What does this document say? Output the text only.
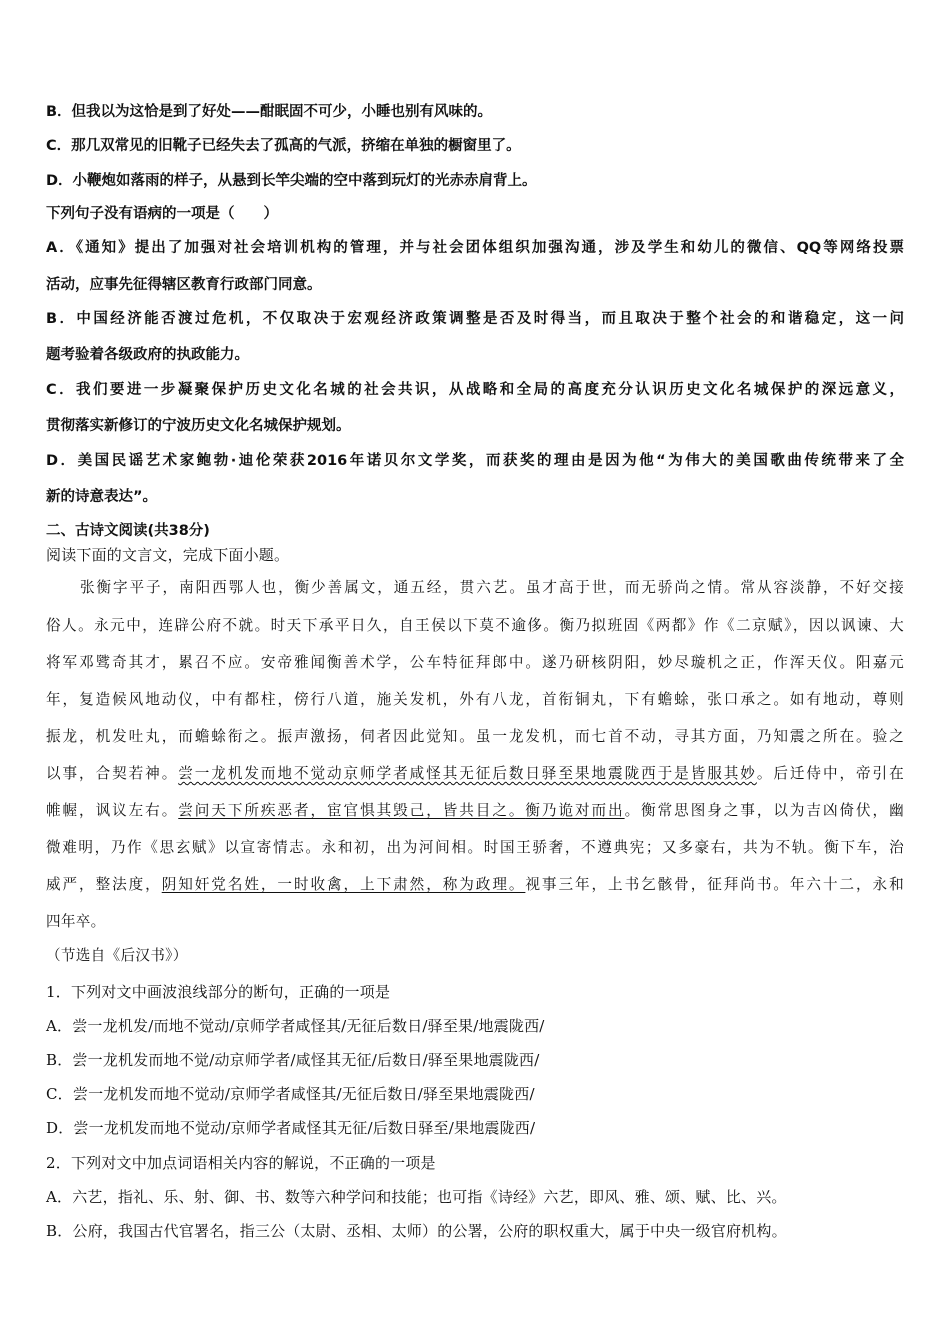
B．但我以为这恰是到了好处——酣眠固不可少，小睡也别有风味的。
C．那几双常见的旧靴子已经失去了孤高的气派，挤缩在单独的橱窗里了。
D．小鞭炮如落雨的样子，从悬到长竿尖端的空中落到玩灯的光赤赤肩背上。
下列句子没有语病的一项是（　　）
A．《通知》提出了加强对社会培训机构的管理，并与社会团体组织加强沟通，涉及学生和幼儿的微信、QQ等网络投票
活动，应事先征得辖区教育行政部门同意。
B．中国经济能否渡过危机，不仅取决于宏观经济政策调整是否及时得当，而且取决于整个社会的和谐稳定，这一问
题考验着各级政府的执政能力。
C．我们要进一步凝聚保护历史文化名城的社会共识，从战略和全局的高度充分认识历史文化名城保护的深远意义，
贯彻落实新修订的宁波历史文化名城保护规划。
D．美国民谣艺术家鲍勃·迪伦荣获2016年诺贝尔文学奖，而获奖的理由是因为他“为伟大的美国歌曲传统带来了全
新的诗意表达”。
二、古诗文阅读(共38分)
阅读下面的文言文，完成下面小题。
张衡字平子，南阳西鄂人也，衡少善属文，通五经，贯六艺。虽才高于世，而无骄尚之情。常从容淡静，不好交接
俗人。永元中，连辟公府不就。时天下承平日久，自王侯以下莫不逾侈。衡乃拟班固《两都》作《二京赋》，因以讽谏、大
将军邓骘奇其才，累召不应。安帝雅闻衡善术学，公车特征拜郎中。遂乃研核阴阳，妙尽璇机之正，作浑天仪。阳嘉元
年，复造候风地动仪，中有都柱，傍行八道，施关发机，外有八龙，首衔铜丸，下有蟾蜍，张口承之。如有地动，尊则
振龙，机发吐丸，而蟾蜍衔之。振声激扬，伺者因此觉知。虽一龙发机，而七首不动，寻其方面，乃知震之所在。验之
以事，合契若神。尝一龙机发而地不觉动京师学者咸怪其无征后数日驿至果地震陇西于是皆服其妙。后迁侍中，帝引在
帷幄，讽议左右。尝问天下所疾恶者，宦官惧其毁己，皆共目之。衡乃诡对而出。衡常思图身之事，以为吉凶倚伏，幽
微难明，乃作《思玄赋》以宣寄情志。永和初，出为河间相。时国王骄奢，不遵典宪；又多豪右，共为不轨。衡下车，治
威严，整法度，阴知奸党名姓，一时收禽，上下肃然，称为政理。视事三年，上书乞骸骨，征拜尚书。年六十二，永和
四年卒。
（节选自《后汉书》）
1．下列对文中画波浪线部分的断句，正确的一项是
A．尝一龙机发/而地不觉动/京师学者咸怪其/无征后数日/驿至果/地震陇西/
B．尝一龙机发而地不觉/动京师学者/咸怪其无征/后数日/驿至果地震陇西/
C．尝一龙机发而地不觉动/京师学者咸怪其/无征后数日/驿至果地震陇西/
D．尝一龙机发而地不觉动/京师学者咸怪其无征/后数日驿至/果地震陇西/
2．下列对文中加点词语相关内容的解说，不正确的一项是
A．六艺，指礼、乐、射、御、书、数等六种学问和技能；也可指《诗经》六艺，即风、雅、颂、赋、比、兴。
B．公府，我国古代官署名，指三公（太尉、丞相、太师）的公署，公府的职权重大，属于中央一级官府机构。
